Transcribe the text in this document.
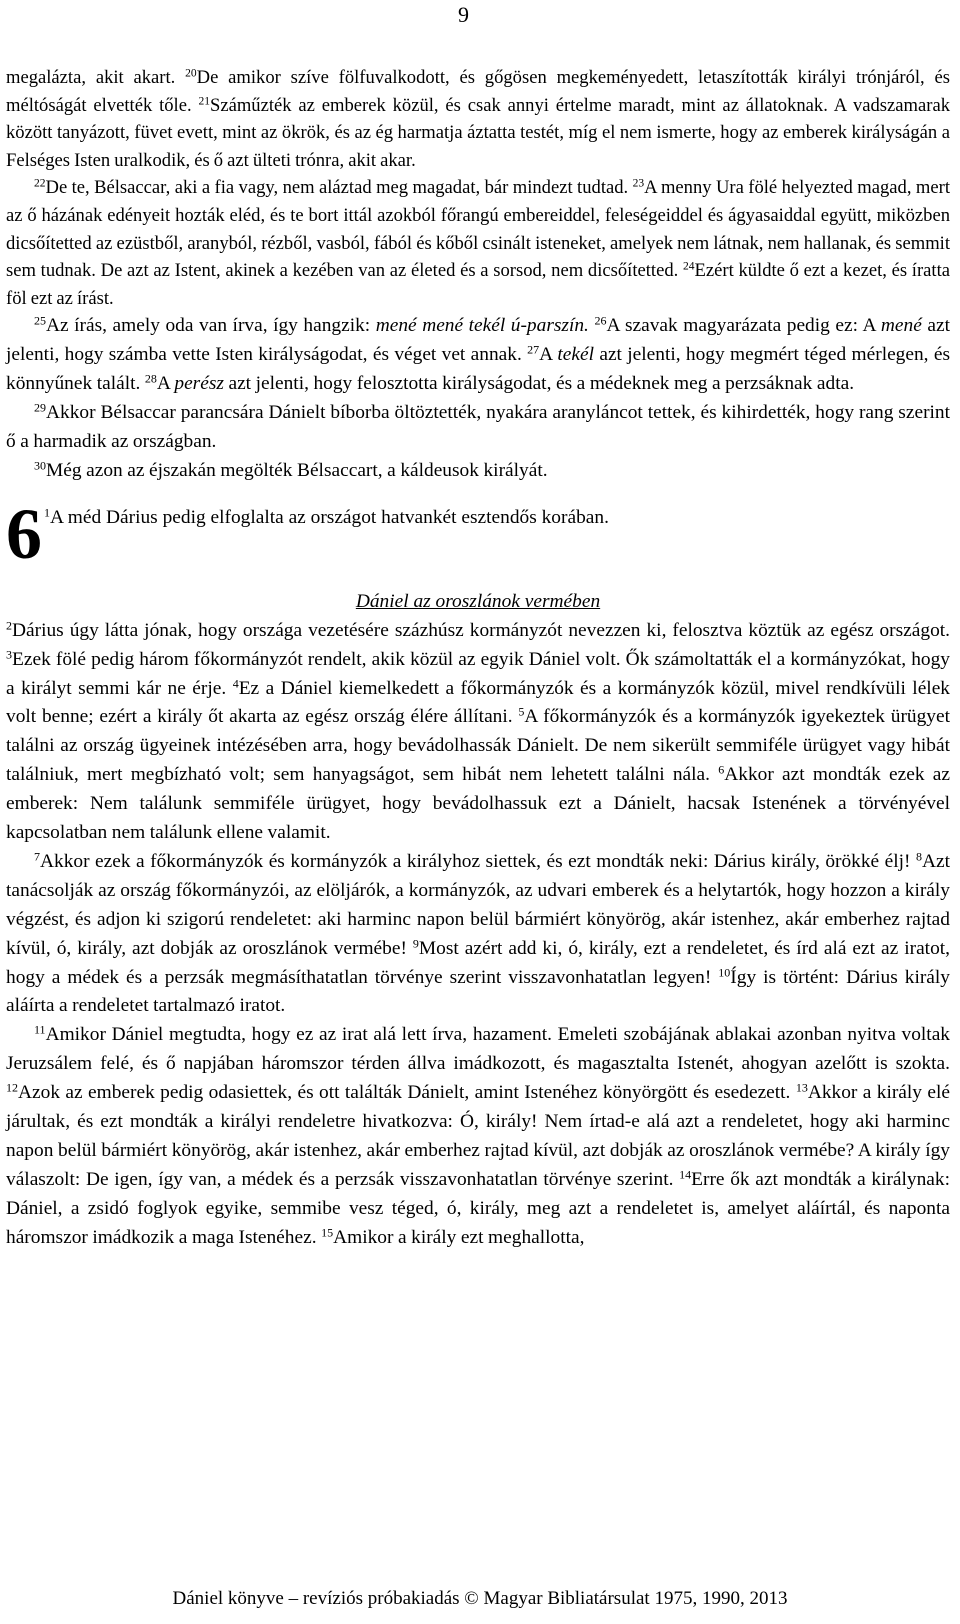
9

megalázta, akit akart. $^{20}$De amikor szíve fölfuvalkodott, és gőgösen megkeményedett, letaszították királyi trónjáról, és méltóságát elvették tőle. $^{21}$Száműzték az emberek közül, és csak annyi értelme maradt, mint az állatoknak. A vadszamarak között tanyázott, füvet evett, mint az ökrök, és az ég harmatja áztatta testét, míg el nem ismerte, hogy az emberek királyságán a Felséges Isten uralkodik, és ő azt ülteti trónra, akit akar.

$^{22}$De te, Bélsaccar, aki a fia vagy, nem aláztad meg magadat, bár mindezt tudtad. $^{23}$A menny Ura fölé helyezted magad, mert az ő házának edényeit hozták eléd, és te bort ittál azokból főrangú embereiddel, feleségeiddel és ágyasaiddal együtt, miközben dicsőítetted az ezüstből, aranyból, rézből, vasból, fából és kőből csinált isteneket, amelyek nem látnak, nem hallanak, és semmit sem tudnak. De azt az Istent, akinek a kezében van az életed és a sorsod, nem dicsőítetted. $^{24}$Ezért küldte ő ezt a kezet, és íratta föl ezt az írást.

$^{25}$Az írás, amely oda van írva, így hangzik: mené mené tekél ú-parszín. $^{26}$A szavak magyarázata pedig ez: A mené azt jelenti, hogy számba vette Isten királyságodat, és véget vet annak. $^{27}$A tekél azt jelenti, hogy megmért téged mérlegen, és könnyűnek talált. $^{28}$A perész azt jelenti, hogy felosztotta királyságodat, és a médeknek meg a perzsáknak adta.

$^{29}$Akkor Bélsaccar parancsára Dánielt bíborba öltöztették, nyakára aranyláncot tettek, és kihirdették, hogy rang szerint ő a harmadik az országban.

$^{30}$Még azon az éjszakán megölték Bélsaccart, a káldeusok királyát.

6 $^1$A méd Dárius pedig elfoglalta az országot hatvankét esztendős korában.

Dániel az oroszlánok vermében

$^2$Dárius úgy látta jónak, hogy országa vezetésére százhúsz kormányzót nevezzen ki, felosztva köztük az egész országot. $^3$Ezek fölé pedig három főkormányzót rendelt, akik közül az egyik Dániel volt. Ők számoltatták el a kormányzókat, hogy a királyt semmi kár ne érje. $^4$Ez a Dániel kiemelkedett a főkormányzók és a kormányzók közül, mivel rendkívüli lélek volt benne; ezért a király őt akarta az egész ország élére állítani. $^5$A főkormányzók és a kormányzók igyekeztek ürügyet találni az ország ügyeinek intézésében arra, hogy bevádolhassák Dánielt. De nem sikerült semmiféle ürügyet vagy hibát találniuk, mert megbízható volt; sem hanyagságot, sem hibát nem lehetett találni nála. $^6$Akkor azt mondták ezek az emberek: Nem találunk semmiféle ürügyet, hogy bevádolhassuk ezt a Dánielt, hacsak Istenének a törvényével kapcsolatban nem találunk ellene valamit.

$^7$Akkor ezek a főkormányzók és kormányzók a királyhoz siettek, és ezt mondták neki: Dárius király, örökké élj! $^8$Azt tanácsolják az ország főkormányzói, az elöljárók, a kormányzók, az udvari emberek és a helytartók, hogy hozzon a király végzést, és adjon ki szigorú rendeletet: aki harminc napon belül bármiért könyörög, akár istenhez, akár emberhez rajtad kívül, ó, király, azt dobják az oroszlánok vermébe! $^9$Most azért add ki, ó, király, ezt a rendeletet, és írd alá ezt az iratot, hogy a médek és a perzsák megmásíthatatlan törvénye szerint visszavonhatatlan legyen! $^{10}$Így is történt: Dárius király aláírta a rendeletet tartalmazó iratot.

$^{11}$Amikor Dániel megtudta, hogy ez az irat alá lett írva, hazament. Emeleti szobájának ablakai azonban nyitva voltak Jeruzsálem felé, és ő napjában háromszor térden állva imádkozott, és magasztalta Istenét, ahogyan azelőtt is szokta. $^{12}$Azok az emberek pedig odasiettek, és ott találták Dánielt, amint Istenéhez könyörgött és esedezett. $^{13}$Akkor a király elé járultak, és ezt mondták a királyi rendeletre hivatkozva: Ó, király! Nem írtad-e alá azt a rendeletet, hogy aki harminc napon belül bármiért könyörög, akár istenhez, akár emberhez rajtad kívül, azt dobják az oroszlánok vermébe? A király így válaszolt: De igen, így van, a médek és a perzsák visszavonhatatlan törvénye szerint. $^{14}$Erre ők azt mondták a királynak: Dániel, a zsidó foglyok egyike, semmibe vesz téged, ó, király, meg azt a rendeletet is, amelyet aláírtál, és naponta háromszor imádkozik a maga Istenéhez. $^{15}$Amikor a király ezt meghallotta,

Dániel könyve – revíziós próbakiadás © Magyar Bibliatársulat 1975, 1990, 2013
